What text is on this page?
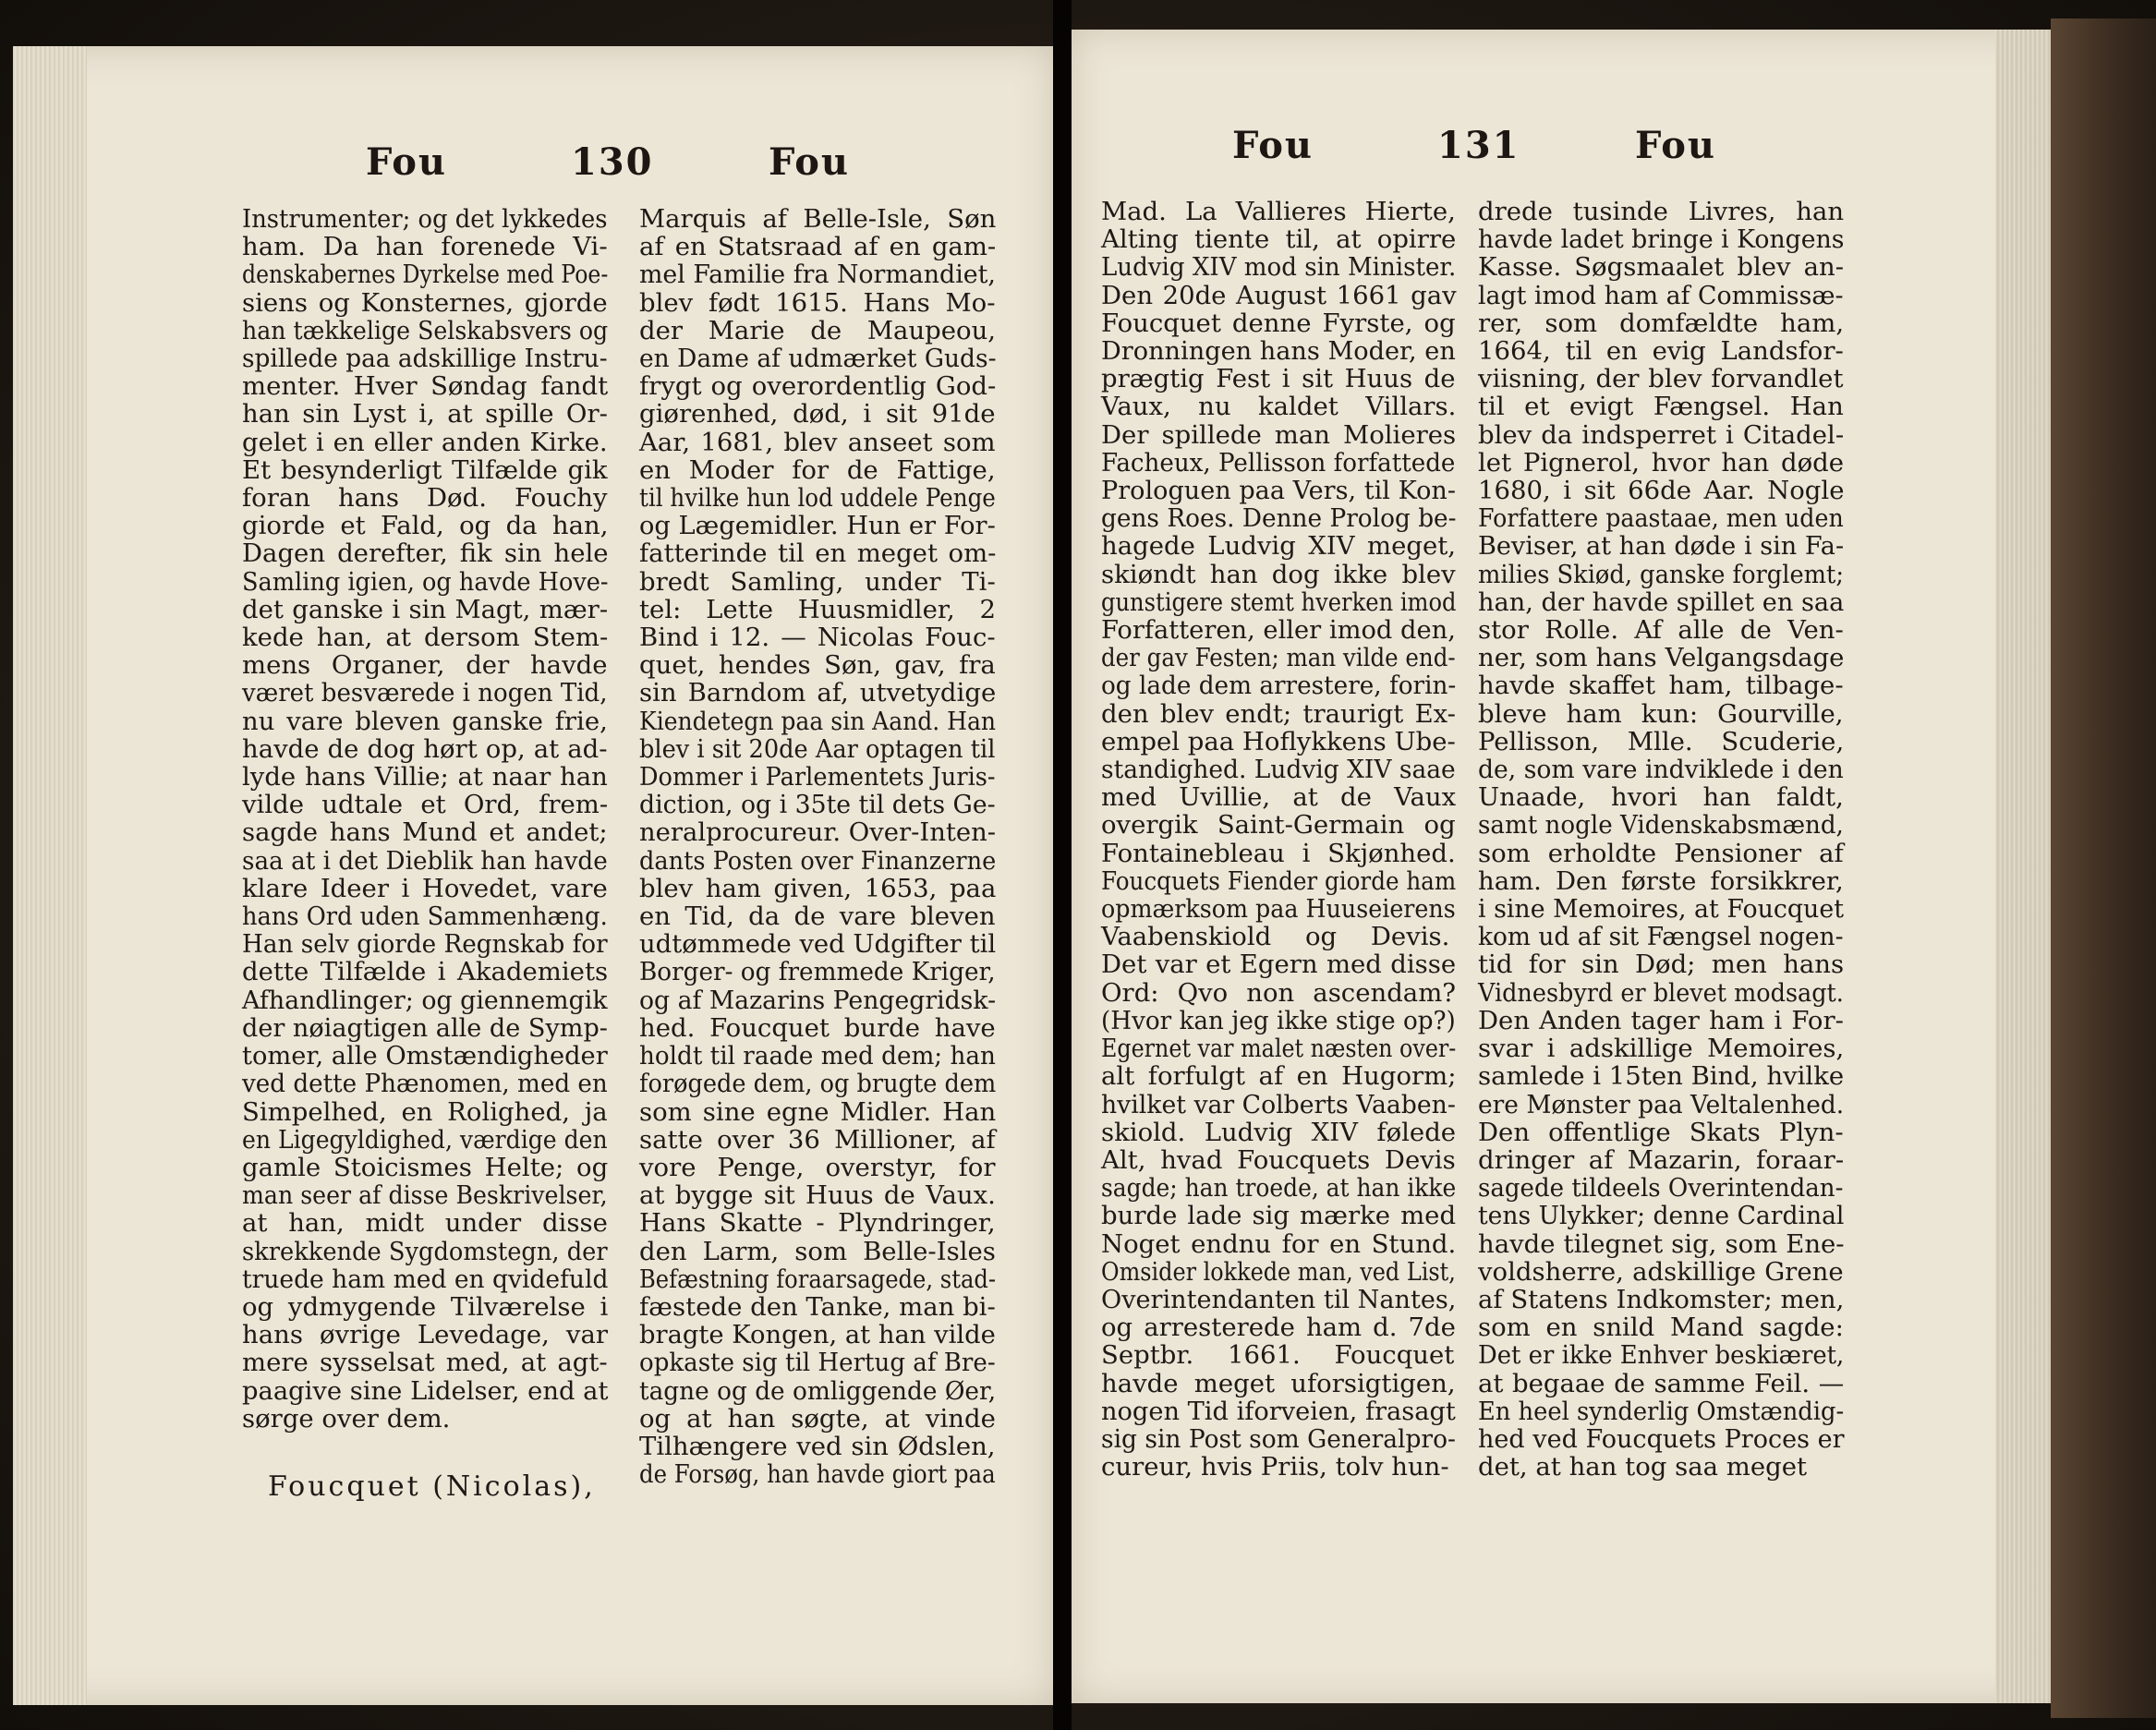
Fou	130	Fou	Fou	131	Fou
Instrumenter; og det lykkedes
ham. Da han forenede Vi-
denskabernes Dyrkelse med Poe-
siens og Konsternes, gjorde
han tækkelige Selskabsvers og
spillede paa adskillige Instru-
menter. Hver Søndag fandt
han sin Lyst i, at spille Or-
gelet i en eller anden Kirke.
Et besynderligt Tilfælde gik
foran hans Død. Fouchy
giorde et Fald, og da han,
Dagen derefter, fik sin hele
Samling igien, og havde Hove-
det ganske i sin Magt, mær-
kede han, at dersom Stem-
mens Organer, der havde
været besværede i nogen Tid,
nu vare bleven ganske frie,
havde de dog hørt op, at ad-
lyde hans Villie; at naar han
vilde udtale et Ord, frem-
sagde hans Mund et andet;
saa at i det Dieblik han havde
klare Ideer i Hovedet, vare
hans Ord uden Sammenhæng.
Han selv giorde Regnskab for
dette Tilfælde i Akademiets
Afhandlinger; og giennemgik
der nøiagtigen alle de Symp-
tomer, alle Omstændigheder
ved dette Phænomen, med en
Simpelhed, en Rolighed, ja
en Ligegyldighed, værdige den
gamle Stoicismes Helte; og
man seer af disse Beskrivelser,
at han, midt under disse
skrekkende Sygdomstegn, der
truede ham med en qvidefuld
og ydmygende Tilværelse i
hans øvrige Levedage, var
mere sysselsat med, at agt-
paagive sine Lidelser, end at
sørge over dem.
Foucquet (Nicolas),
Marquis af Belle-Isle, Søn
af en Statsraad af en gam-
mel Familie fra Normandiet,
blev født 1615. Hans Mo-
der Marie de Maupeou,
en Dame af udmærket Guds-
frygt og overordentlig God-
giørenhed, død, i sit 91de
Aar, 1681, blev anseet som
en Moder for de Fattige,
til hvilke hun lod uddele Penge
og Lægemidler. Hun er For-
fatterinde til en meget om-
bredt Samling, under Ti-
tel: Lette Huusmidler, 2
Bind i 12. — Nicolas Fouc-
quet, hendes Søn, gav, fra
sin Barndom af, utvetydige
Kiendetegn paa sin Aand. Han
blev i sit 20de Aar optagen til
Dommer i Parlementets Juris-
diction, og i 35te til dets Ge-
neralprocureur. Over-Inten-
dants Posten over Finanzerne
blev ham given, 1653, paa
en Tid, da de vare bleven
udtømmede ved Udgifter til
Borger- og fremmede Kriger,
og af Mazarins Pengegridsk-
hed. Foucquet burde have
holdt til raade med dem; han
forøgede dem, og brugte dem
som sine egne Midler. Han
satte over 36 Millioner, af
vore Penge, overstyr, for
at bygge sit Huus de Vaux.
Hans Skatte - Plyndringer,
den Larm, som Belle-Isles
Befæstning foraarsagede, stad-
fæstede den Tanke, man bi-
bragte Kongen, at han vilde
opkaste sig til Hertug af Bre-
tagne og de omliggende Øer,
og at han søgte, at vinde
Tilhængere ved sin Ødslen,
de Forsøg, han havde giort paa
Mad. La Vallieres Hierte,
Alting tiente til, at opirre
Ludvig XIV mod sin Minister.
Den 20de August 1661 gav
Foucquet denne Fyrste, og
Dronningen hans Moder, en
prægtig Fest i sit Huus de
Vaux, nu kaldet Villars.
Der spillede man Molieres
Facheux, Pellisson forfattede
Prologuen paa Vers, til Kon-
gens Roes. Denne Prolog be-
hagede Ludvig XIV meget,
skiøndt han dog ikke blev
gunstigere stemt hverken imod
Forfatteren, eller imod den,
der gav Festen; man vilde end-
og lade dem arrestere, forin-
den blev endt; traurigt Ex-
empel paa Hoflykkens Ube-
standighed. Ludvig XIV saae
med Uvillie, at de Vaux
overgik Saint-Germain og
Fontainebleau i Skjønhed.
Foucquets Fiender giorde ham
opmærksom paa Huuseierens
Vaabenskiold og Devis.
Det var et Egern med disse
Ord: Qvo non ascendam?
(Hvor kan jeg ikke stige op?)
Egernet var malet næsten over-
alt forfulgt af en Hugorm;
hvilket var Colberts Vaaben-
skiold. Ludvig XIV følede
Alt, hvad Foucquets Devis
sagde; han troede, at han ikke
burde lade sig mærke med
Noget endnu for en Stund.
Omsider lokkede man, ved List,
Overintendanten til Nantes,
og arresterede ham d. 7de
Septbr. 1661. Foucquet
havde meget uforsigtigen,
nogen Tid iforveien, frasagt
sig sin Post som Generalpro-
cureur, hvis Priis, tolv hun-
drede tusinde Livres, han
havde ladet bringe i Kongens
Kasse. Søgsmaalet blev an-
lagt imod ham af Commissæ-
rer, som domfældte ham,
1664, til en evig Landsfor-
viisning, der blev forvandlet
til et evigt Fængsel. Han
blev da indsperret i Citadel-
let Pignerol, hvor han døde
1680, i sit 66de Aar. Nogle
Forfattere paastaae, men uden
Beviser, at han døde i sin Fa-
milies Skiød, ganske forglemt;
han, der havde spillet en saa
stor Rolle. Af alle de Ven-
ner, som hans Velgangsdage
havde skaffet ham, tilbage-
bleve ham kun: Gourville,
Pellisson, Mlle. Scuderie,
de, som vare indviklede i den
Unaade, hvori han faldt,
samt nogle Videnskabsmænd,
som erholdte Pensioner af
ham. Den første forsikkrer,
i sine Memoires, at Foucquet
kom ud af sit Fængsel nogen-
tid for sin Død; men hans
Vidnesbyrd er blevet modsagt.
Den Anden tager ham i For-
svar i adskillige Memoires,
samlede i 15ten Bind, hvilke
ere Mønster paa Veltalenhed.
Den offentlige Skats Plyn-
dringer af Mazarin, foraar-
sagede tildeels Overintendan-
tens Ulykker; denne Cardinal
havde tilegnet sig, som Ene-
voldsherre, adskillige Grene
af Statens Indkomster; men,
som en snild Mand sagde:
Det er ikke Enhver beskiæret,
at begaae de samme Feil. —
En heel synderlig Omstændig-
hed ved Foucquets Proces er
det, at han tog saa meget
